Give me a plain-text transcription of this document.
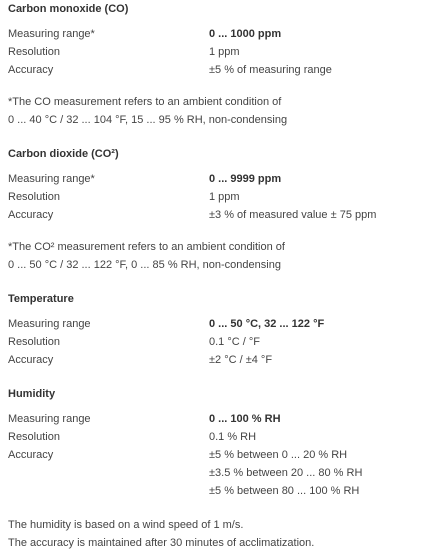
Carbon monoxide (CO)
Measuring range*	0 ... 1000 ppm
Resolution	1 ppm
Accuracy	±5 % of measuring range
*The CO measurement refers to an ambient condition of
0 ... 40 °C / 32 ... 104 °F, 15 ... 95 % RH, non-condensing
Carbon dioxide (CO²)
Measuring range*	0 ... 9999 ppm
Resolution	1 ppm
Accuracy	±3 % of measured value ± 75 ppm
*The CO² measurement refers to an ambient condition of
0 ... 50 °C / 32 ... 122 °F, 0 ... 85 % RH, non-condensing
Temperature
Measuring range	0 ... 50 °C, 32 ... 122 °F
Resolution	0.1 °C / °F
Accuracy	±2 °C / ±4 °F
Humidity
Measuring range	0 ... 100 % RH
Resolution	0.1 % RH
Accuracy	±5 % between 0 ... 20 % RH
±3.5 % between 20 ... 80 % RH
±5 % between 80 ... 100 % RH
The humidity is based on a wind speed of 1 m/s.
The accuracy is maintained after 30 minutes of acclimatization.
